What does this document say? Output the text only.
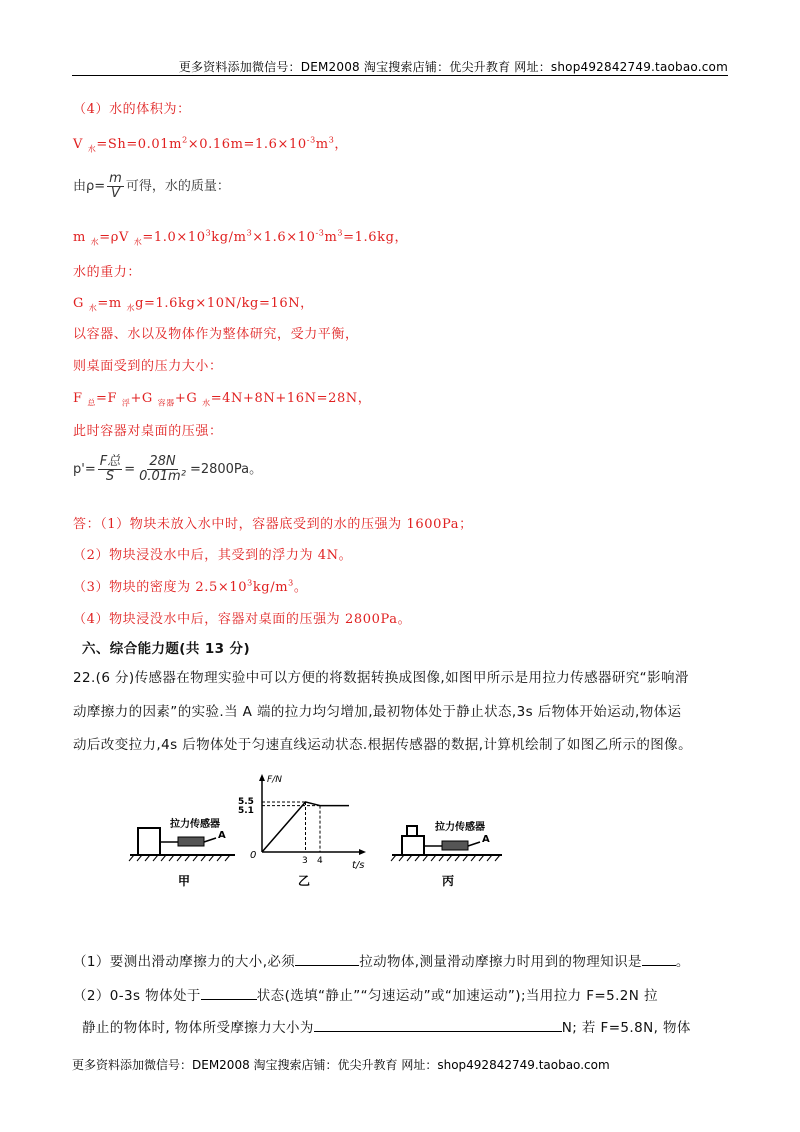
更多资料添加微信号：DEM2008 淘宝搜索店铺：优尖升教育 网址：shop492842749.taobao.com
（4）水的体积为：
V $_水=Sh=0.01m^2\times 0.16m=1.6\times 10^{-3}m^3$，
由$\rho= \frac{m}{V}$ 可得，水的质量：
m $_水$=ρV $_水=1.0\times 10^3kg/m^3\times 1.6\times 10^{-3}m^3=1.6kg$，
水的重力：
G $_水$=m $_水$g=1.6kg×10N/kg=16N，
以容器、水以及物体作为整体研究，受力平衡，
则桌面受到的压力大小：
F $_总$=F $_浮$+G $_{容器}$+G $_水$=4N+8N+16N=28N，
此时容器对桌面的压强：
$p'= \frac{\text{F总}}{S} = \frac{28N}{\text{0.01m²}} =2800Pa$。
答：（1）物块未放入水中时，容器底受到的水的压强为 1600Pa；
（2）物块浸没水中后，其受到的浮力为 4N。
（3）物块的密度为 $2.5\times 10^3kg/m^3$。
（4）物块浸没水中后，容器对桌面的压强为 2800Pa。
六、综合能力题(共 13 分)
22.(6 分)传感器在物理实验中可以方便的将数据转换成图像,如图甲所示是用拉力传感器研究“影响滑
动摩擦力的因素”的实验.当 A 端的拉力均匀增加,最初物体处于静止状态,3s 后物体开始运动,物体运
动后改变拉力,4s 后物体处于匀速直线运动状态.根据传感器的数据,计算机绘制了如图乙所示的图像。
拉力传感器
A
甲
F/N
t/s
0
5.5
5.1
3 4
乙
拉力传感器
A
丙
（1）要测出滑动摩擦力的大小,必须	拉动物体,测量滑动摩擦力时用到的物理知识是	。
（2）0-3s 物体处于	状态(选填“静止”“匀速运动”或“加速运动”);当用拉力 F=5.2N 拉
静止的物体时, 物体所受摩擦力大小为	N; 若 F=5.8N, 物体
更多资料添加微信号：DEM2008 淘宝搜索店铺：优尖升教育 网址：shop492842749.taobao.com
